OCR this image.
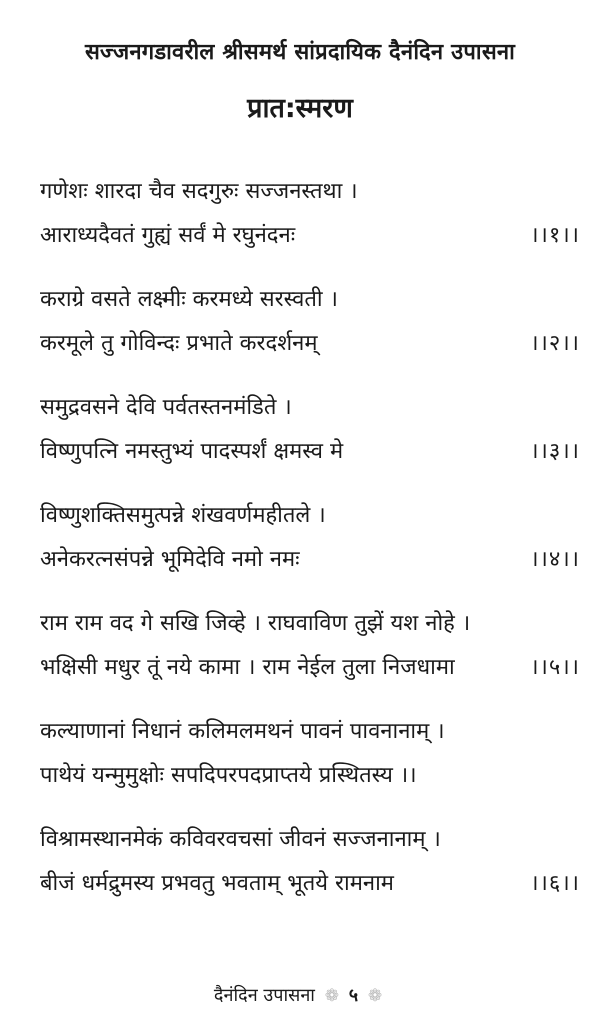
सज्जनगडावरील श्रीसमर्थ सांप्रदायिक दैनंदिन उपासना
प्रात:स्मरण
गणेशः शारदा चैव सदगुरुः सज्जनस्तथा ।
आराध्यदैवतं गुह्यं सर्वं मे रघुनंदनः	।।१।।
कराग्रे वसते लक्ष्मीः करमध्ये सरस्वती ।
करमूले तु गोविन्दः प्रभाते करदर्शनम्	।।२।।
समुद्रवसने देवि पर्वतस्तनमंडिते ।
विष्णुपत्नि नमस्तुभ्यं पादस्पर्शं क्षमस्व मे	।।३।।
विष्णुशक्तिसमुत्पन्ने शंखवर्णमहीतले ।
अनेकरत्नसंपन्ने भूमिदेवि नमो नमः	।।४।।
राम राम वद गे सखि जिव्हे । राघवाविण तुझें यश नोहे ।
भक्षिसी मधुर तूं नये कामा । राम नेईल तुला निजधामा	।।५।।
कल्याणानां निधानं कलिमलमथनं पावनं पावनानाम् ।
पाथेयं यन्मुमुक्षोः सपदिपरपदप्राप्तये प्रस्थितस्य ।।
विश्रामस्थानमेकं कविवरवचसां जीवनं सज्जनानाम् ।
बीजं धर्मद्रुमस्य प्रभवतु भवताम् भूतये रामनाम	।।६।।
दैनंदिन उपासना ❁ ५ ❁
